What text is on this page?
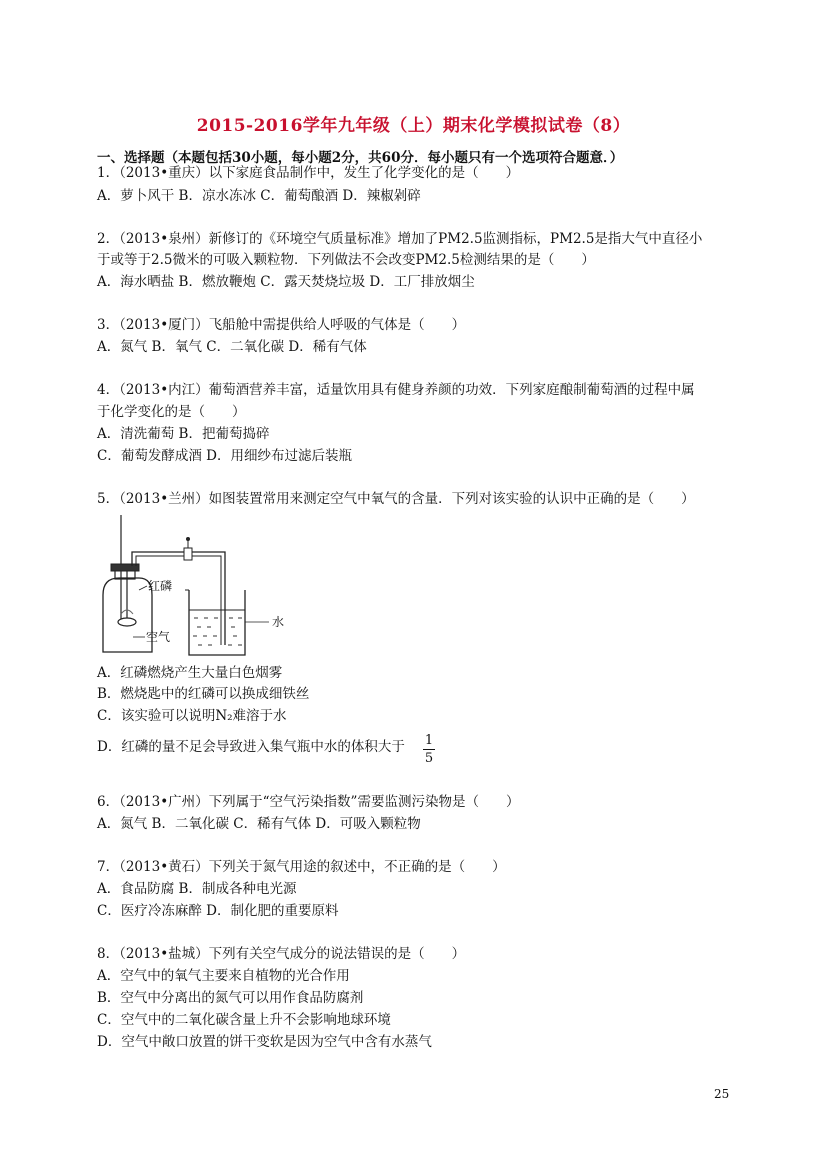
2015-2016学年九年级（上）期末化学模拟试卷（8）
一、选择题（本题包括30小题，每小题2分，共60分．每小题只有一个选项符合题意．）
1．（2013•重庆）以下家庭食品制作中，发生了化学变化的是（　　）
A．萝卜风干 B．凉水冻冰 C．葡萄酿酒 D．辣椒剁碎
2．（2013•泉州）新修订的《环境空气质量标准》增加了PM2.5监测指标，PM2.5是指大气中直径小
于或等于2.5微米的可吸入颗粒物．下列做法不会改变PM2.5检测结果的是（　　）
A．海水晒盐 B．燃放鞭炮 C．露天焚烧垃圾 D．工厂排放烟尘
3．（2013•厦门）飞船舱中需提供给人呼吸的气体是（　　）
A．氮气 B．氧气 C．二氧化碳 D．稀有气体
4．（2013•内江）葡萄酒营养丰富，适量饮用具有健身养颜的功效．下列家庭酿制葡萄酒的过程中属
于化学变化的是（　　）
A．清洗葡萄 B．把葡萄捣碎
C．葡萄发酵成酒 D．用细纱布过滤后装瓶
5．（2013•兰州）如图装置常用来测定空气中氧气的含量．下列对该实验的认识中正确的是（　　）
红磷
空气
水
A．红磷燃烧产生大量白色烟雾
B．燃烧匙中的红磷可以换成细铁丝
C．该实验可以说明N₂难溶于水
D．红磷的量不足会导致进入集气瓶中水的体积大于 1
5
6．（2013•广州）下列属于“空气污染指数”需要监测污染物是（　　）
A．氮气 B．二氧化碳 C．稀有气体 D．可吸入颗粒物
7．（2013•黄石）下列关于氮气用途的叙述中，不正确的是（　　）
A．食品防腐 B．制成各种电光源
C．医疗冷冻麻醉 D．制化肥的重要原料
8．（2013•盐城）下列有关空气成分的说法错误的是（　　）
A．空气中的氧气主要来自植物的光合作用
B．空气中分离出的氮气可以用作食品防腐剂
C．空气中的二氧化碳含量上升不会影响地球环境
D．空气中敞口放置的饼干变软是因为空气中含有水蒸气
25
